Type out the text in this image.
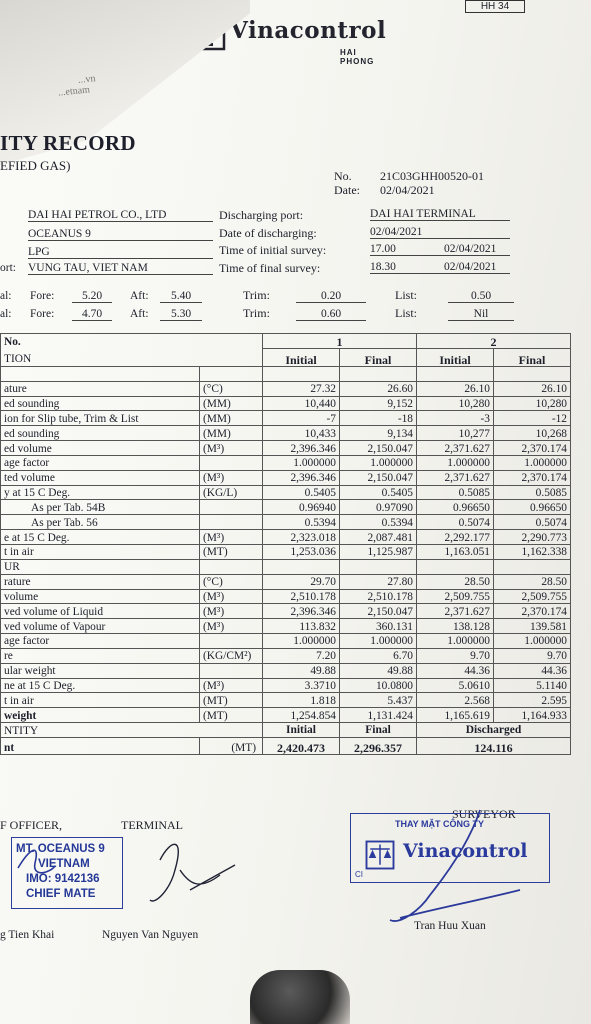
HH 34
Vinacontrol
HAI PHONG
...vn
...etnam
ITY RECORD
EFIED GAS)
No. 21C03GHH00520-01
Date: 02/04/2021
DAI HAI PETROL CO., LTD
OCEANUS 9
LPG
ort: VUNG TAU, VIET NAM
Discharging port:	DAI HAI TERMINAL
Date of discharging:	02/04/2021
Time of initial survey:	17.00	02/04/2021
Time of final survey:	18.30	02/04/2021
al: Fore:	5.20	Aft:	5.40	Trim:	0.20	List:	0.50
al: Fore:	4.70	Aft:	5.30	Trim:	0.60	List:	Nil
No.		1		2	
TION		Initial	Final	Initial	Final

ature	(°C)	27.32	26.60	26.10	26.10
ed sounding	(MM)	10,440	9,152	10,280	10,280
ion for Slip tube, Trim & List	(MM)	-7	-18	-3	-12
ed sounding	(MM)	10,433	9,134	10,277	10,268
ed volume	(M³)	2,396.346	2,150.047	2,371.627	2,370.174
age factor		1.000000	1.000000	1.000000	1.000000
ted volume	(M³)	2,396.346	2,150.047	2,371.627	2,370.174
y at 15 C Deg.	(KG/L)	0.5405	0.5405	0.5085	0.5085
As per Tab. 54B		0.96940	0.97090	0.96650	0.96650
As per Tab. 56		0.5394	0.5394	0.5074	0.5074
e at 15 C Deg.	(M³)	2,323.018	2,087.481	2,292.177	2,290.773
t in air	(MT)	1,253.036	1,125.987	1,163.051	1,162.338
UR					
rature	(°C)	29.70	27.80	28.50	28.50
volume	(M³)	2,510.178	2,510.178	2,509.755	2,509.755
ved volume of Liquid	(M³)	2,396.346	2,150.047	2,371.627	2,370.174
ved volume of Vapour	(M³)	113.832	360.131	138.128	139.581
age factor		1.000000	1.000000	1.000000	1.000000
re	(KG/CM²)	7.20	6.70	9.70	9.70
ular weight		49.88	49.88	44.36	44.36
ne at 15 C Deg.	(M³)	3.3710	10.0800	5.0610	5.1140
t in air	(MT)	1.818	5.437	2.568	2.595
weight	(MT)	1,254.854	1,131.424	1,165.619	1,164.933
NTITY		Initial	Final	Discharged	
nt	(MT)	2,420.473	2,296.357	124.116	
F OFFICER,	TERMINAL
SURVEYOR
MT. OCEANUS 9
VIETNAM
IMO: 9142136
CHIEF MATE
THAY MẶT CÔNG TY
Vinacontrol
CI
g Tien Khai	Nguyen Van Nguyen
Tran Huu Xuan
